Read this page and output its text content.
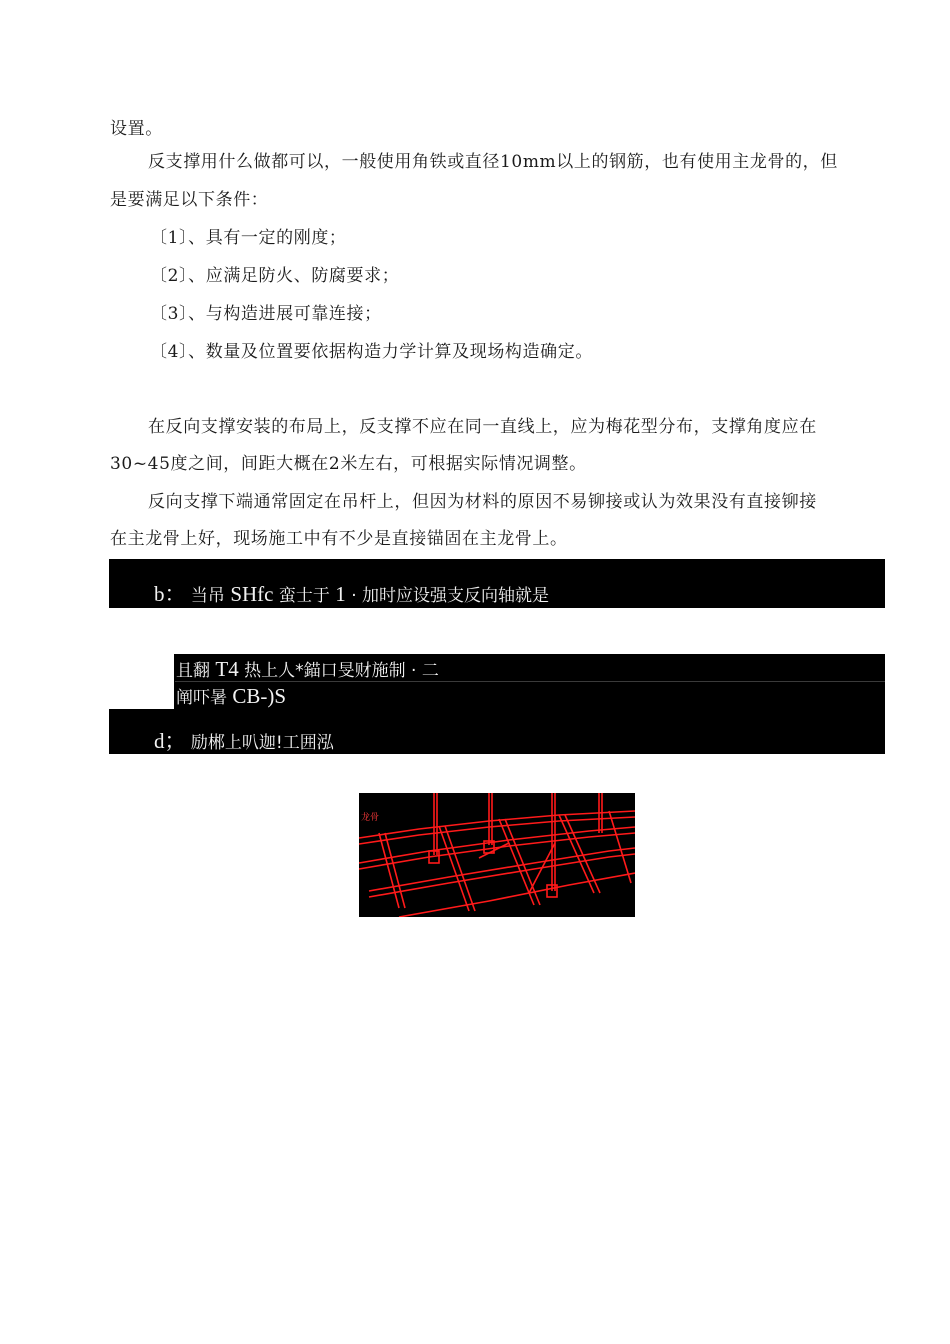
设置。
反支撑用什么做都可以，一般使用角铁或直径10mm以上的钢筋，也有使用主龙骨的，但
是要满足以下条件：
〔1〕、具有一定的刚度；
〔2〕、应满足防火、防腐要求；
〔3〕、与构造进展可靠连接；
〔4〕、数量及位置要依据构造力学计算及现场构造确定。
在反向支撑安装的布局上，反支撑不应在同一直线上，应为梅花型分布，支撑角度应在
30~45度之间，间距大概在2米左右，可根据实际情况调整。
反向支撑下端通常固定在吊杆上，但因为材料的原因不易铆接或认为效果没有直接铆接
在主龙骨上好，现场施工中有不少是直接锚固在主龙骨上。
b： 当吊 SHfc 蛮士于 1 · 加时应设强支反向轴就是
且翻 T4 热上人*錨口旻财施制 · 二
阐吓暑 CB-)S
d； 励郴上叭迦!工囲泓
龙骨
